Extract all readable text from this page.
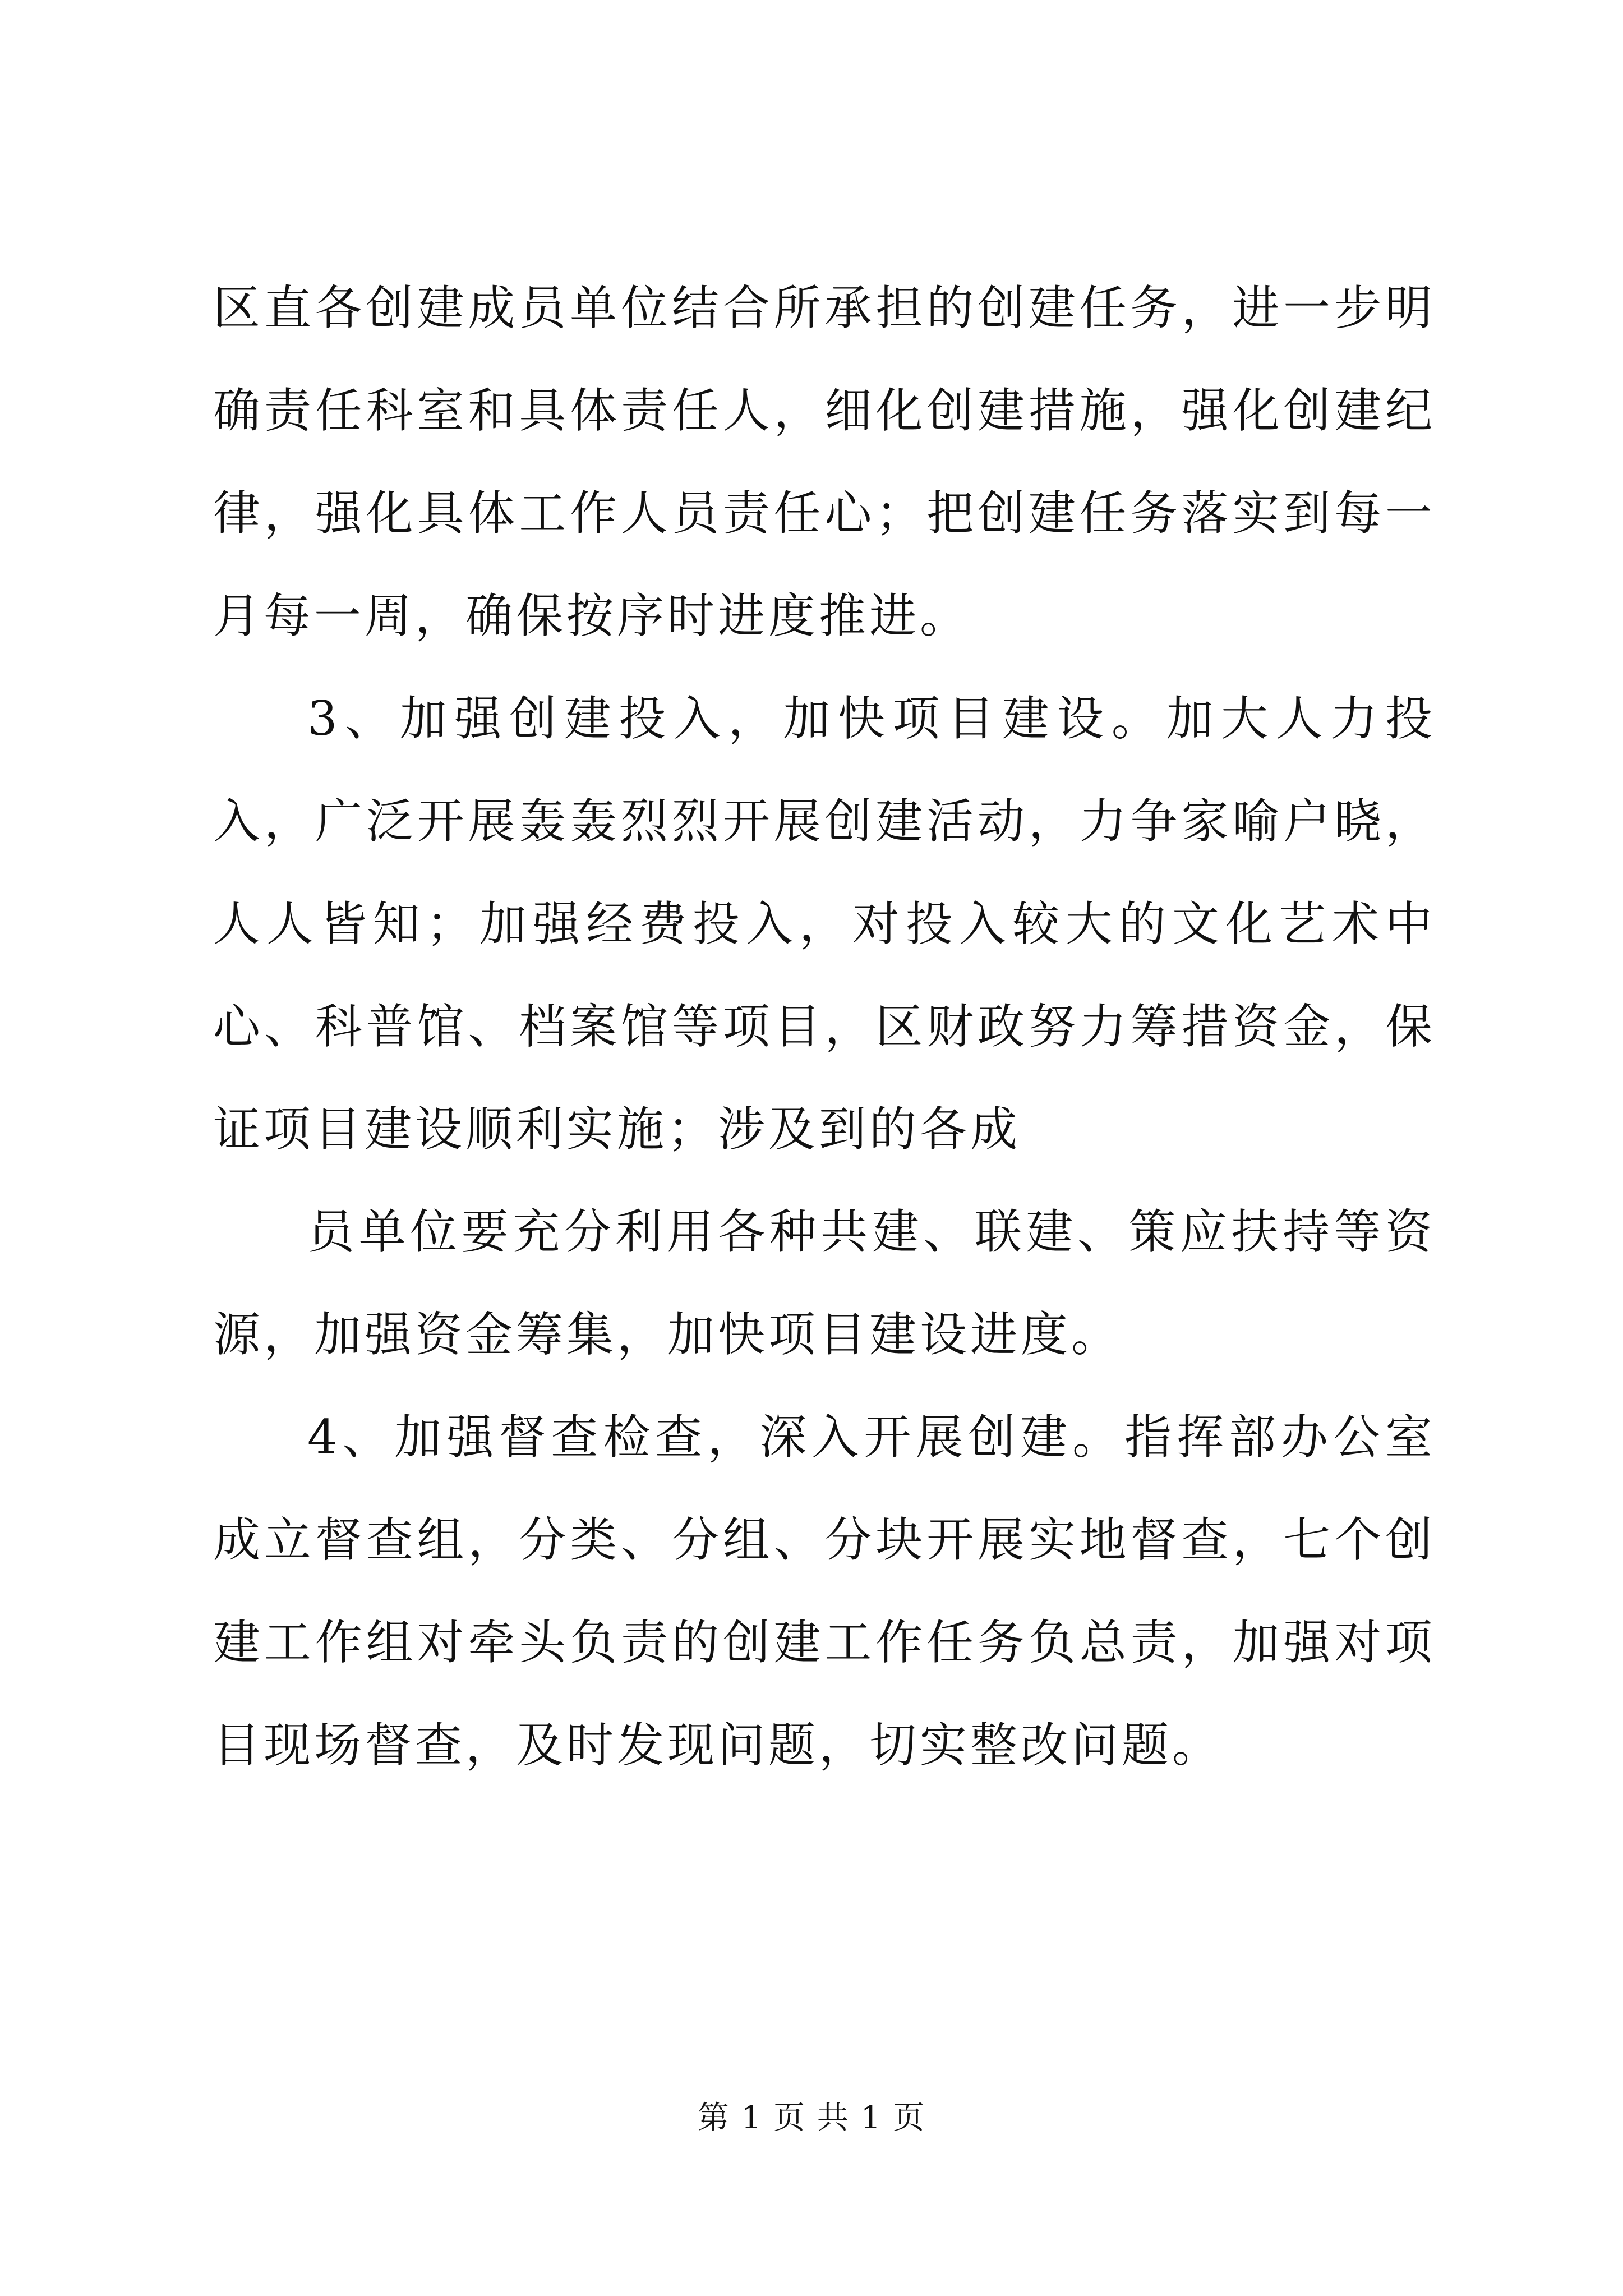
区直各创建成员单位结合所承担的创建任务，进一步明确责任科室和具体责任人，细化创建措施，强化创建纪律，强化具体工作人员责任心；把创建任务落实到每一月每一周，确保按序时进度推进。

3、加强创建投入，加快项目建设。加大人力投入，广泛开展轰轰烈烈开展创建活动，力争家喻户晓，人人皆知；加强经费投入，对投入较大的文化艺术中心、科普馆、档案馆等项目，区财政努力筹措资金，保证项目建设顺利实施；涉及到的各成

员单位要充分利用各种共建、联建、策应扶持等资源，加强资金筹集，加快项目建设进度。

4、加强督查检查，深入开展创建。指挥部办公室成立督查组，分类、分组、分块开展实地督查，七个创建工作组对牵头负责的创建工作任务负总责，加强对项目现场督查，及时发现问题，切实整改问题。

第 1 页 共 1 页
